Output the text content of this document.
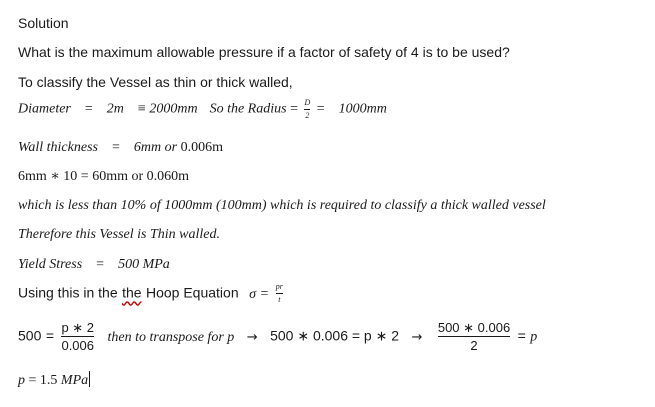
Solution
What is the maximum allowable pressure if a factor of safety of 4 is to be used?
To classify the Vessel as thin or thick walled,
Diameter = 2m ≡ 2000mm So the Radius = $\frac{D}{2} = 1000mm$
Wall thickness = 6mm or 0.006m
6mm ∗ 10 = 60mm or 0.060m
which is less than 10% of 1000mm (100mm) which is required to classify a thick walled vessel
Therefore this Vessel is Thin walled.
Yield Stress = 500 MPa
Using this in the the Hoop Equation $\sigma = \frac{pr}{t}$
$500 = \frac{p ∗ 2}{0.006}$ then to transpose for p → 500 ∗ 0.006 = p ∗ $2 \to \frac{500 ∗ 0.006}{2} = p$
p = 1.5 MPa
